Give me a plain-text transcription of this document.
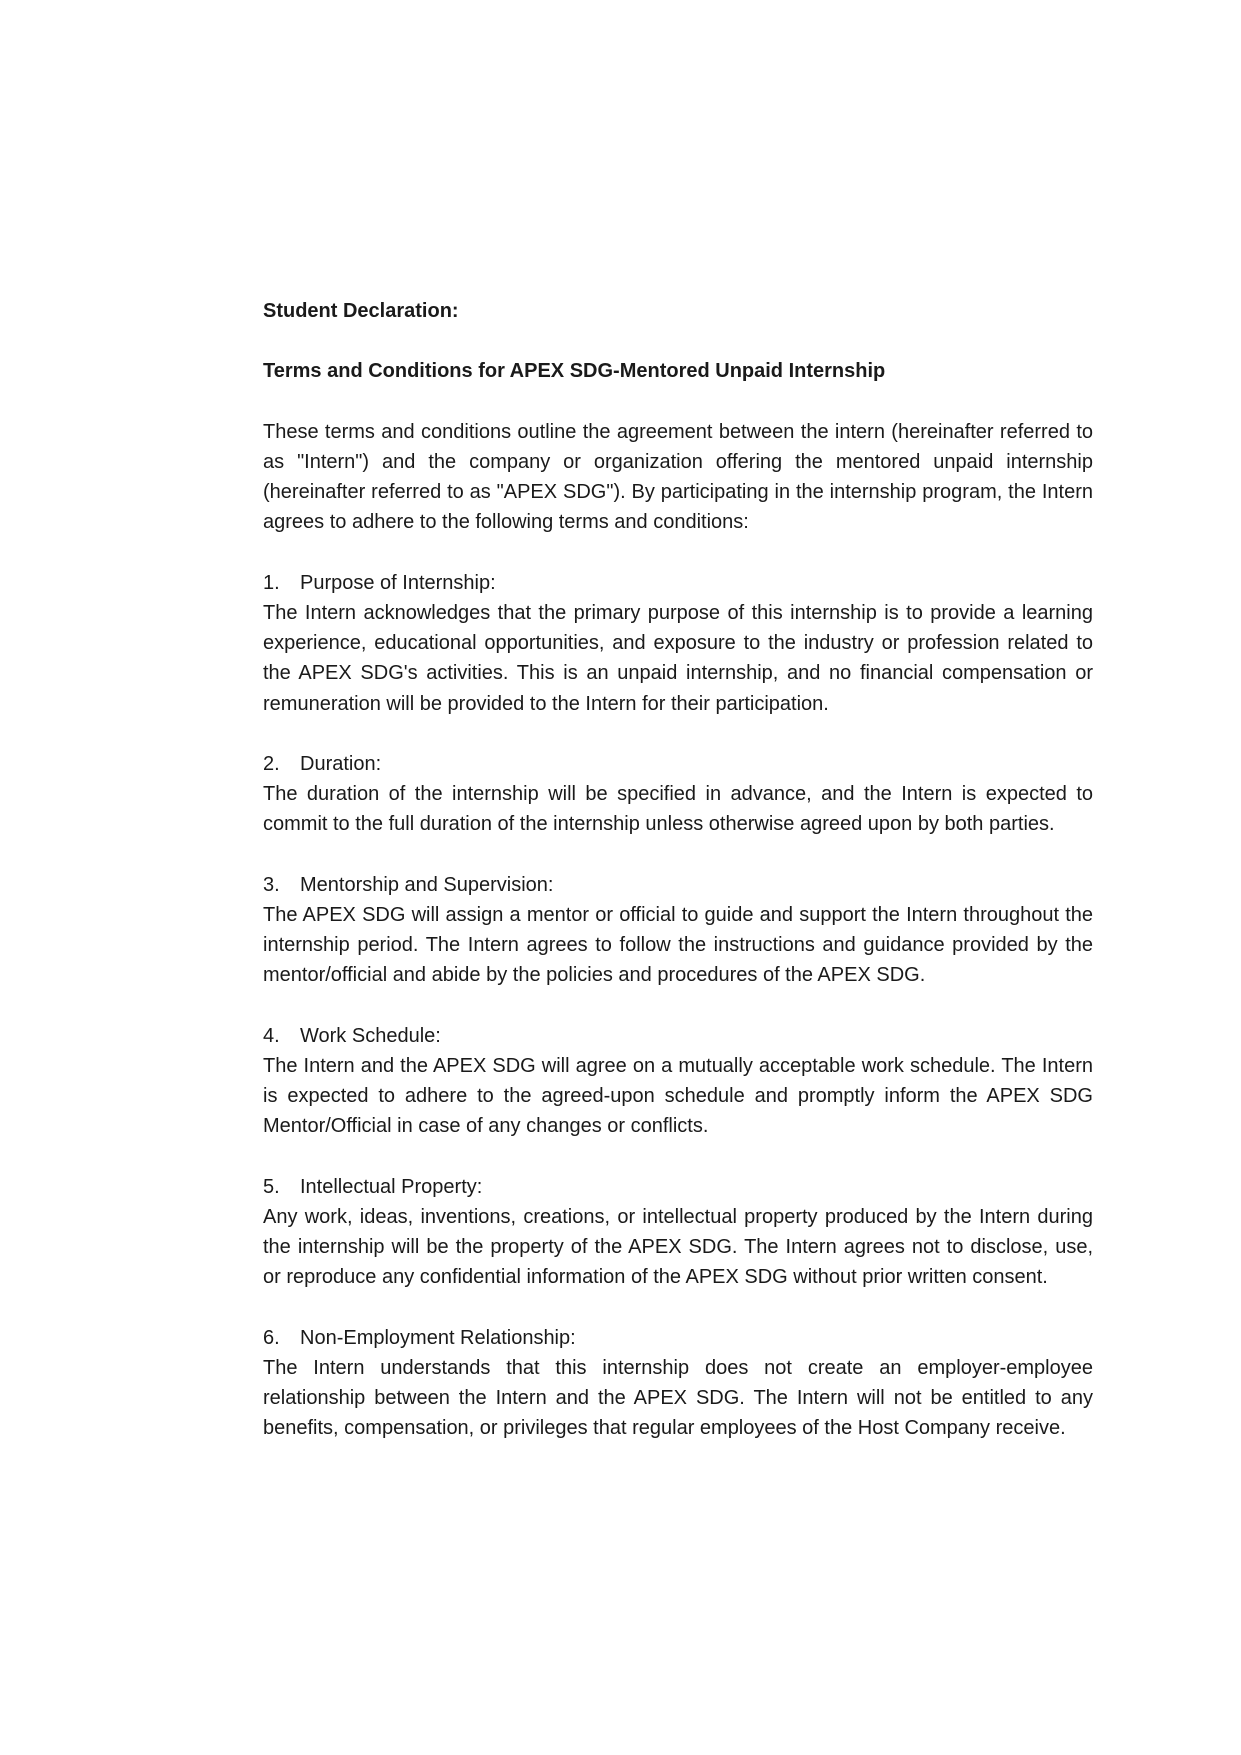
Student Declaration:

Terms and Conditions for APEX SDG-Mentored Unpaid Internship

These terms and conditions outline the agreement between the intern (hereinafter referred to as "Intern") and the company or organization offering the mentored unpaid internship (hereinafter referred to as "APEX SDG"). By participating in the internship program, the Intern agrees to adhere to the following terms and conditions:

1.	Purpose of Internship:

The Intern acknowledges that the primary purpose of this internship is to provide a learning experience, educational opportunities, and exposure to the industry or profession related to the APEX SDG's activities. This is an unpaid internship, and no financial compensation or remuneration will be provided to the Intern for their participation.

2.	Duration:

The duration of the internship will be specified in advance, and the Intern is expected to commit to the full duration of the internship unless otherwise agreed upon by both parties.

3.	Mentorship and Supervision:

The APEX SDG will assign a mentor or official to guide and support the Intern throughout the internship period. The Intern agrees to follow the instructions and guidance provided by the mentor/official and abide by the policies and procedures of the APEX SDG.

4.	Work Schedule:

The Intern and the APEX SDG will agree on a mutually acceptable work schedule. The Intern is expected to adhere to the agreed-upon schedule and promptly inform the APEX SDG Mentor/Official in case of any changes or conflicts.

5.	Intellectual Property:

Any work, ideas, inventions, creations, or intellectual property produced by the Intern during the internship will be the property of the APEX SDG. The Intern agrees not to disclose, use, or reproduce any confidential information of the APEX SDG without prior written consent.

6.	Non-Employment Relationship:

The Intern understands that this internship does not create an employer-employee relationship between the Intern and the APEX SDG. The Intern will not be entitled to any benefits, compensation, or privileges that regular employees of the Host Company receive.
